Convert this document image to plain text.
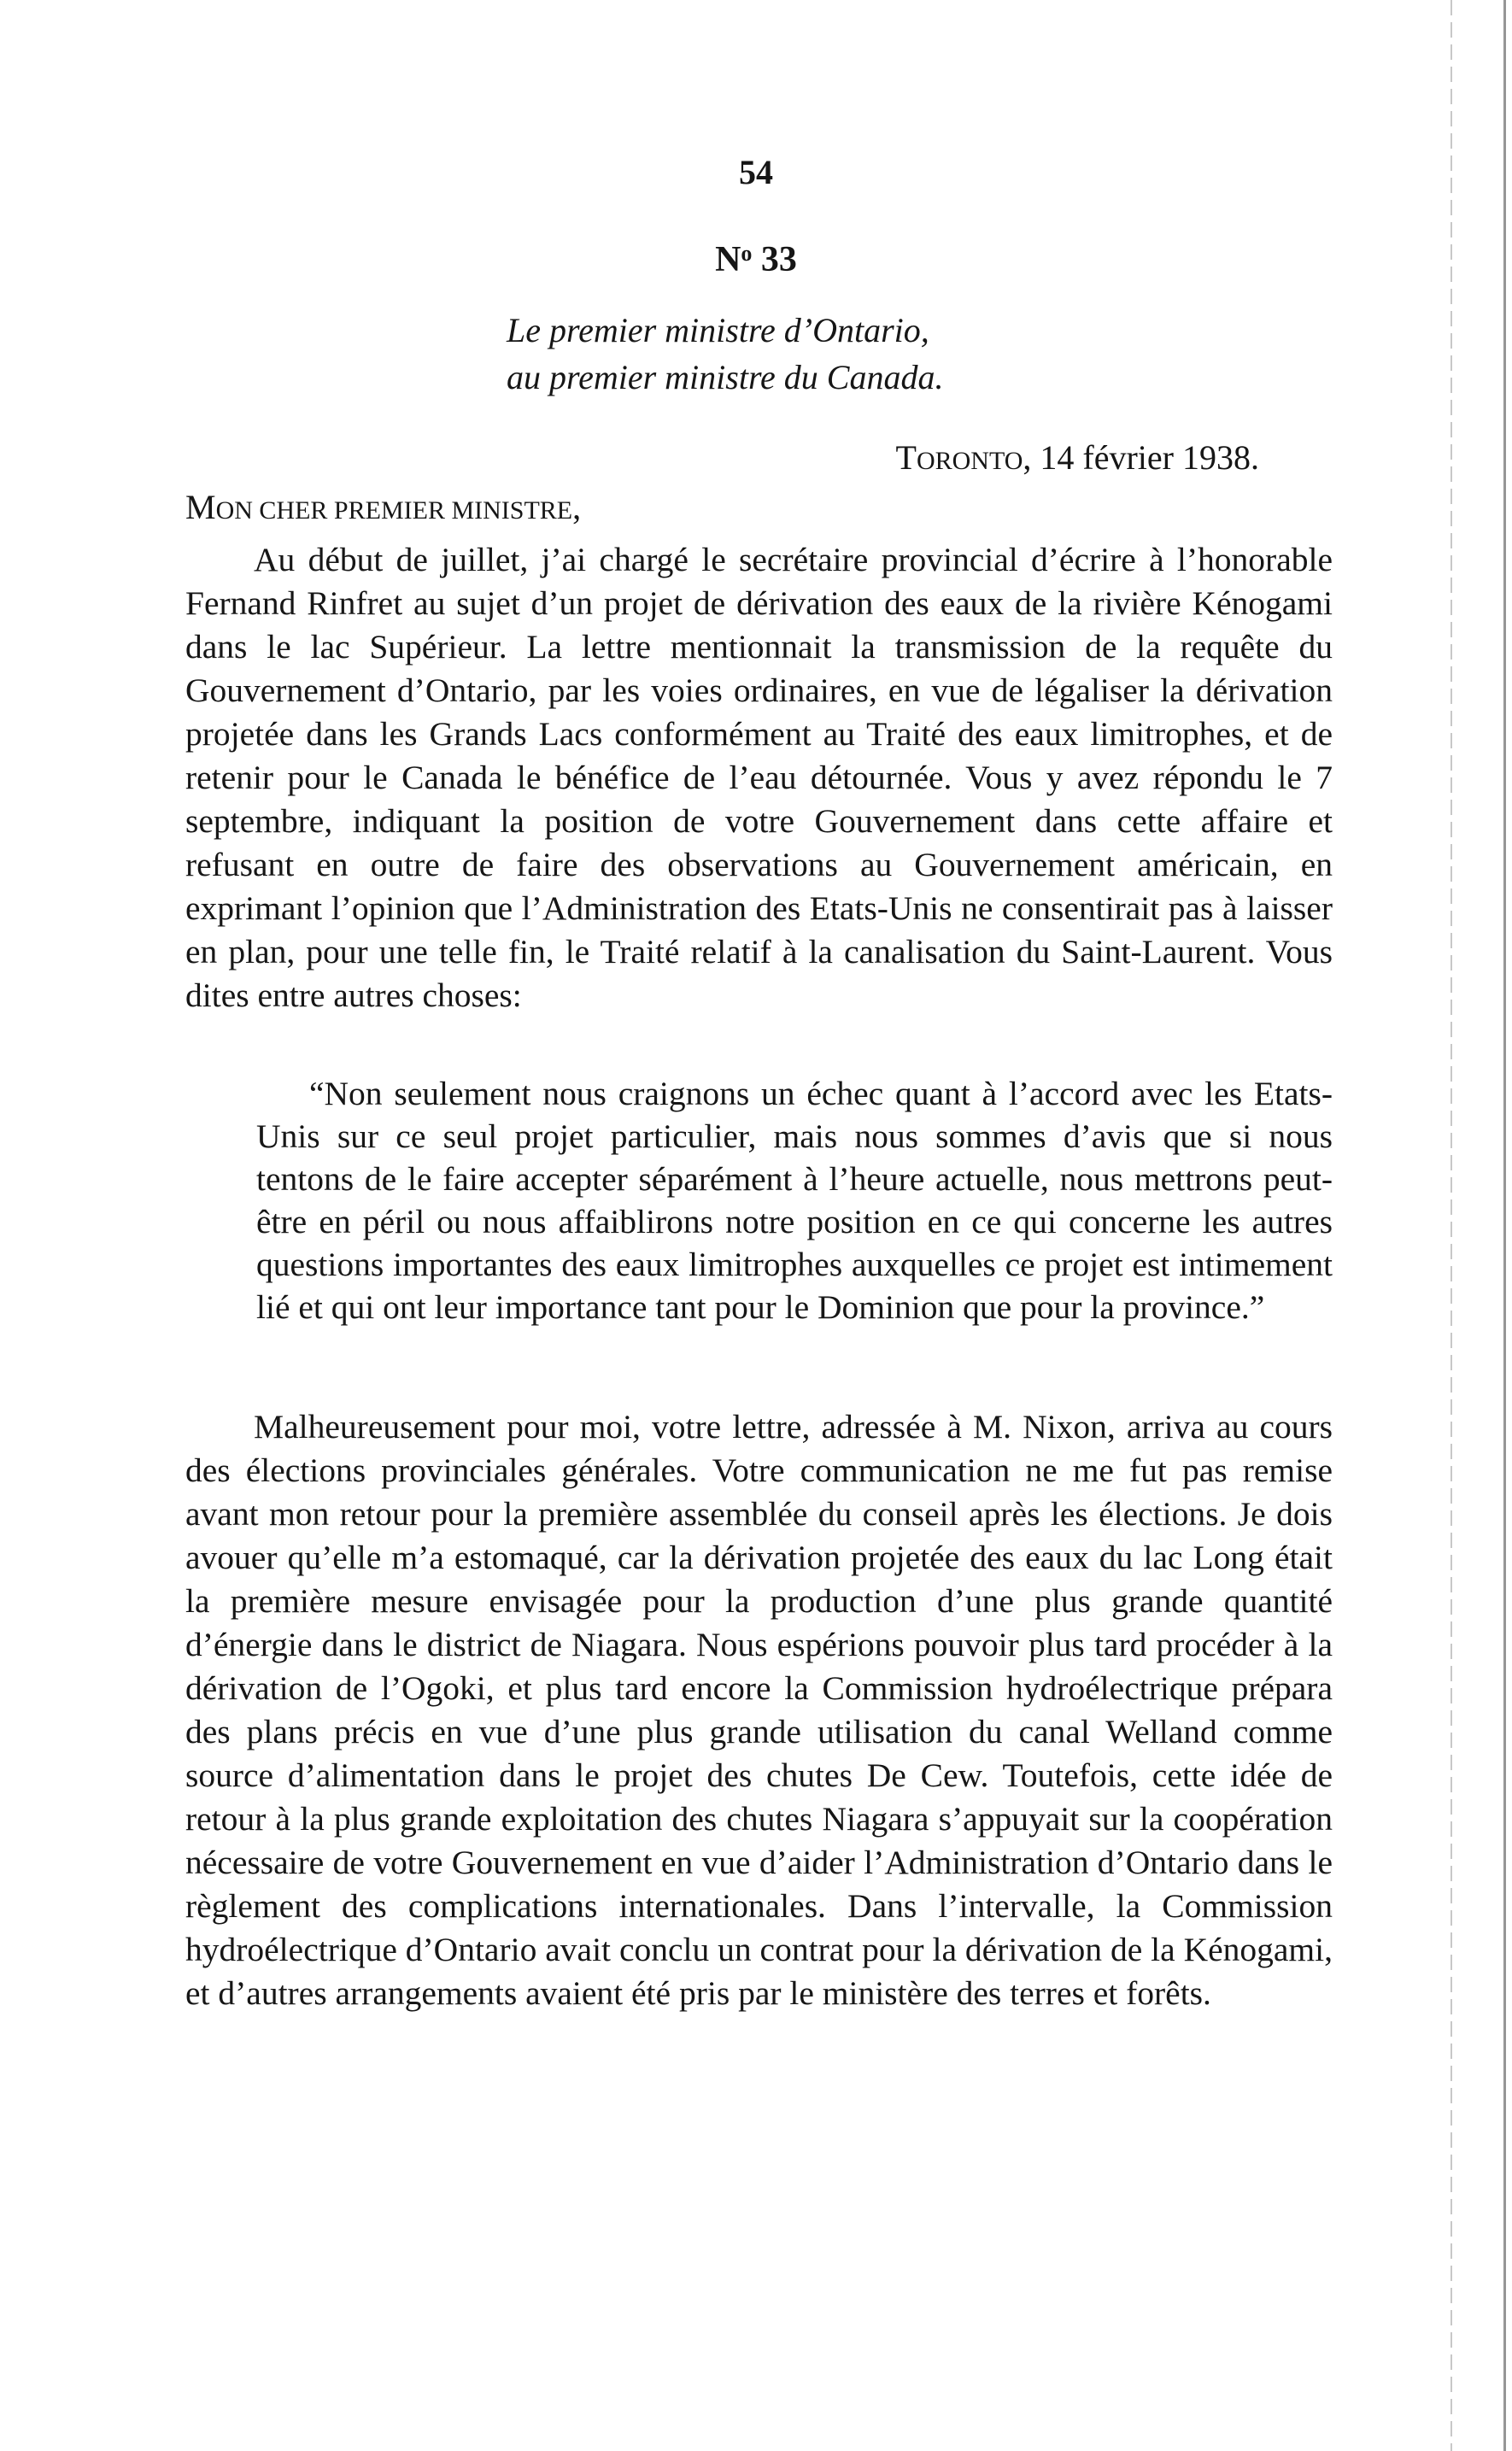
54
$N^o$ 33
Le premier ministre d’Ontario,
au premier ministre du Canada.
TORONTO, 14 février 1938.
MON CHER PREMIER MINISTRE,

Au début de juillet, j’ai chargé le secrétaire provincial d’écrire à l’honorable Fernand Rinfret au sujet d’un projet de dérivation des eaux de la rivière Kénogami dans le lac Supérieur. La lettre mentionnait la transmission de la requête du Gouvernement d’Ontario, par les voies ordinaires, en vue de légaliser la dérivation projetée dans les Grands Lacs conformément au Traité des eaux limitrophes, et de retenir pour le Canada le bénéfice de l’eau détournée. Vous y avez répondu le 7 septembre, indiquant la position de votre Gouvernement dans cette affaire et refusant en outre de faire des observations au Gouvernement américain, en exprimant l’opinion que l’Administration des Etats-Unis ne consentirait pas à laisser en plan, pour une telle fin, le Traité relatif à la canalisation du Saint-Laurent. Vous dites entre autres choses:

“Non seulement nous craignons un échec quant à l’accord avec les Etats-Unis sur ce seul projet particulier, mais nous sommes d’avis que si nous tentons de le faire accepter séparément à l’heure actuelle, nous mettrons peut-être en péril ou nous affaiblirons notre position en ce qui concerne les autres questions importantes des eaux limitrophes auxquelles ce projet est intimement lié et qui ont leur importance tant pour le Dominion que pour la province.”

Malheureusement pour moi, votre lettre, adressée à M. Nixon, arriva au cours des élections provinciales générales. Votre communication ne me fut pas remise avant mon retour pour la première assemblée du conseil après les élections. Je dois avouer qu’elle m’a estomaqué, car la dérivation projetée des eaux du lac Long était la première mesure envisagée pour la production d’une plus grande quantité d’énergie dans le district de Niagara. Nous espérions pouvoir plus tard procéder à la dérivation de l’Ogoki, et plus tard encore la Commission hydroélectrique prépara des plans précis en vue d’une plus grande utilisation du canal Welland comme source d’alimentation dans le projet des chutes De Cew. Toutefois, cette idée de retour à la plus grande exploitation des chutes Niagara s’appuyait sur la coopération nécessaire de votre Gouvernement en vue d’aider l’Administration d’Ontario dans le règlement des complications internationales. Dans l’intervalle, la Commission hydroélectrique d’Ontario avait conclu un contrat pour la dérivation de la Kénogami, et d’autres arrangements avaient été pris par le ministère des terres et forêts.
